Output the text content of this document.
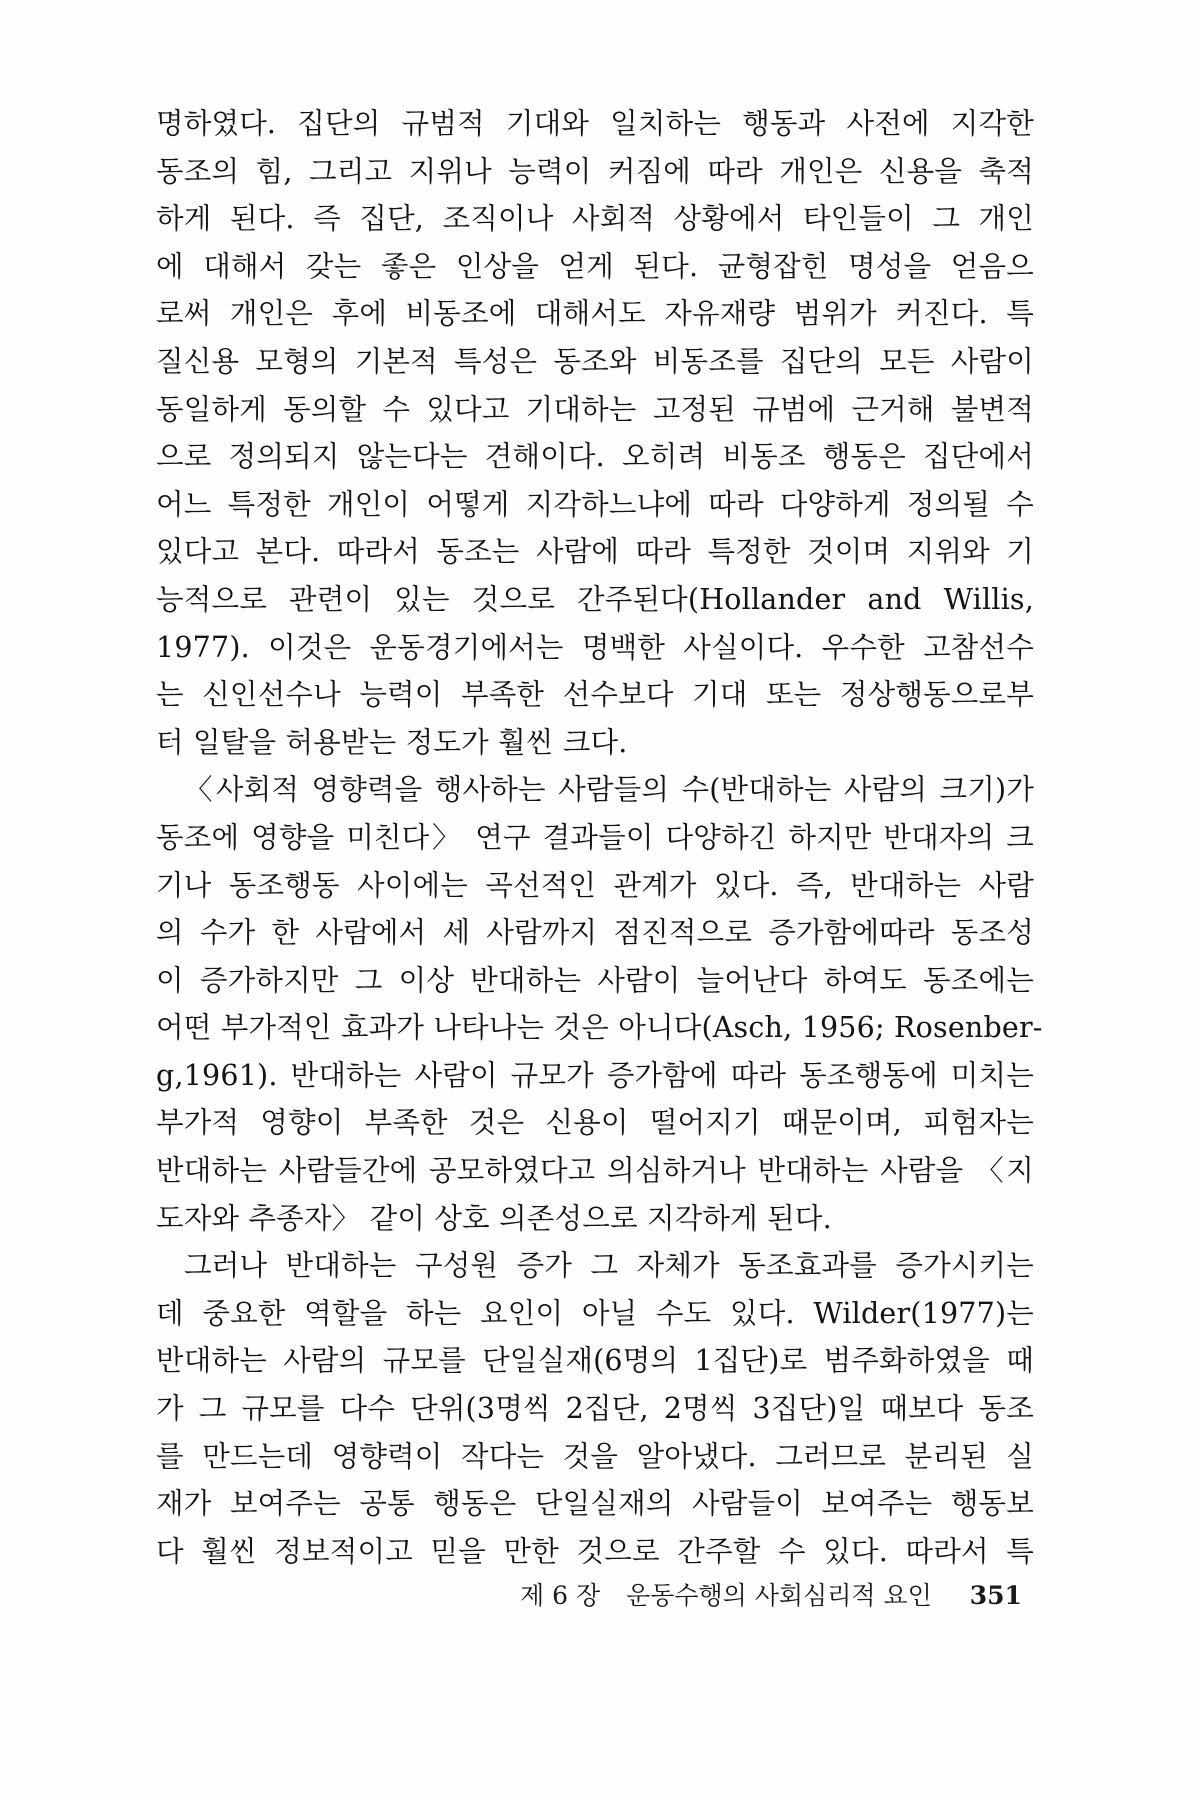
명하였다. 집단의 규범적 기대와 일치하는 행동과 사전에 지각한
동조의 힘, 그리고 지위나 능력이 커짐에 따라 개인은 신용을 축적
하게 된다. 즉 집단, 조직이나 사회적 상황에서 타인들이 그 개인
에 대해서 갖는 좋은 인상을 얻게 된다. 균형잡힌 명성을 얻음으
로써 개인은 후에 비동조에 대해서도 자유재량 범위가 커진다. 특
질신용 모형의 기본적 특성은 동조와 비동조를 집단의 모든 사람이
동일하게 동의할 수 있다고 기대하는 고정된 규범에 근거해 불변적
으로 정의되지 않는다는 견해이다. 오히려 비동조 행동은 집단에서
어느 특정한 개인이 어떻게 지각하느냐에 따라 다양하게 정의될 수
있다고 본다. 따라서 동조는 사람에 따라 특정한 것이며 지위와 기
능적으로 관련이 있는 것으로 간주된다(Hollander and Willis,
1977). 이것은 운동경기에서는 명백한 사실이다. 우수한 고참선수
는 신인선수나 능력이 부족한 선수보다 기대 또는 정상행동으로부
터 일탈을 허용받는 정도가 훨씬 크다.
〈사회적 영향력을 행사하는 사람들의 수(반대하는 사람의 크기)가
동조에 영향을 미친다〉 연구 결과들이 다양하긴 하지만 반대자의 크
기나 동조행동 사이에는 곡선적인 관계가 있다. 즉, 반대하는 사람
의 수가 한 사람에서 세 사람까지 점진적으로 증가함에따라 동조성
이 증가하지만 그 이상 반대하는 사람이 늘어난다 하여도 동조에는
어떤 부가적인 효과가 나타나는 것은 아니다(Asch, 1956; Rosenber-
g,1961). 반대하는 사람이 규모가 증가함에 따라 동조행동에 미치는
부가적 영향이 부족한 것은 신용이 떨어지기 때문이며, 피험자는
반대하는 사람들간에 공모하였다고 의심하거나 반대하는 사람을 〈지
도자와 추종자〉 같이 상호 의존성으로 지각하게 된다.
그러나 반대하는 구성원 증가 그 자체가 동조효과를 증가시키는
데 중요한 역할을 하는 요인이 아닐 수도 있다. Wilder(1977)는
반대하는 사람의 규모를 단일실재(6명의 1집단)로 범주화하였을 때
가 그 규모를 다수 단위(3명씩 2집단, 2명씩 3집단)일 때보다 동조
를 만드는데 영향력이 작다는 것을 알아냈다. 그러므로 분리된 실
재가 보여주는 공통 행동은 단일실재의 사람들이 보여주는 행동보
다 훨씬 정보적이고 믿을 만한 것으로 간주할 수 있다. 따라서 특
제 6 장 운동수행의 사회심리적 요인 351
